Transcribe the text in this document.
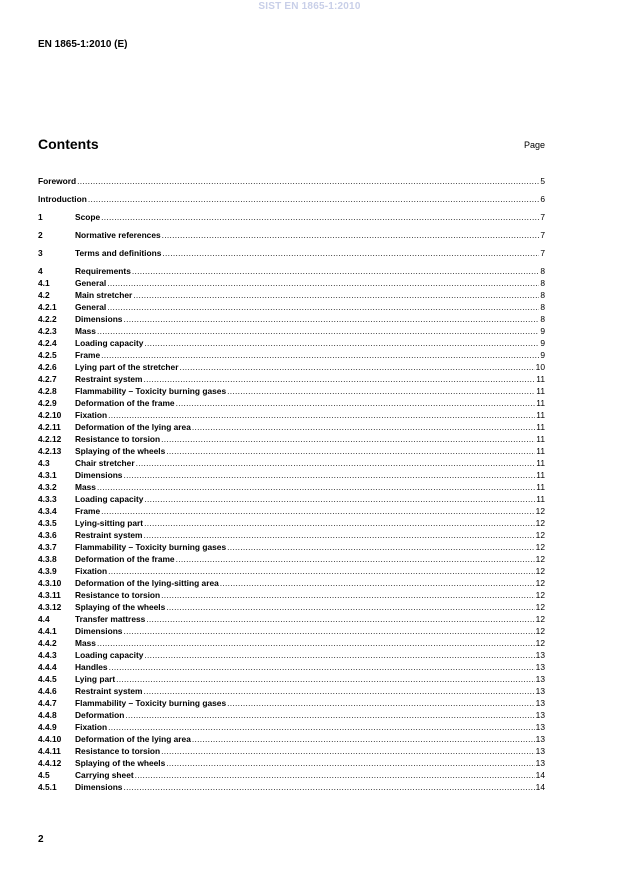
SIST EN 1865-1:2010
EN 1865-1:2010 (E)
Contents	Page
Foreword .....	5
Introduction .....	6
1	Scope .....	7
2	Normative references .....	7
3	Terms and definitions .....	7
4	Requirements .....	8
4.1	General .....	8
4.2	Main stretcher .....	8
4.2.1	General .....	8
4.2.2	Dimensions .....	8
4.2.3	Mass .....	9
4.2.4	Loading capacity .....	9
4.2.5	Frame .....	9
4.2.6	Lying part of the stretcher .....	10
4.2.7	Restraint system .....	11
4.2.8	Flammability – Toxicity burning gases .....	11
4.2.9	Deformation of the frame .....	11
4.2.10	Fixation .....	11
4.2.11	Deformation of the lying area .....	11
4.2.12	Resistance to torsion .....	11
4.2.13	Splaying of the wheels .....	11
4.3	Chair stretcher .....	11
4.3.1	Dimensions .....	11
4.3.2	Mass .....	11
4.3.3	Loading capacity .....	11
4.3.4	Frame .....	12
4.3.5	Lying-sitting part .....	12
4.3.6	Restraint system .....	12
4.3.7	Flammability – Toxicity burning gases .....	12
4.3.8	Deformation of the frame .....	12
4.3.9	Fixation .....	12
4.3.10	Deformation of the lying-sitting area .....	12
4.3.11	Resistance to torsion .....	12
4.3.12	Splaying of the wheels .....	12
4.4	Transfer mattress .....	12
4.4.1	Dimensions .....	12
4.4.2	Mass .....	12
4.4.3	Loading capacity .....	13
4.4.4	Handles .....	13
4.4.5	Lying part .....	13
4.4.6	Restraint system .....	13
4.4.7	Flammability – Toxicity burning gases .....	13
4.4.8	Deformation .....	13
4.4.9	Fixation .....	13
4.4.10	Deformation of the lying area .....	13
4.4.11	Resistance to torsion .....	13
4.4.12	Splaying of the wheels .....	13
4.5	Carrying sheet .....	14
4.5.1	Dimensions .....	14
2
